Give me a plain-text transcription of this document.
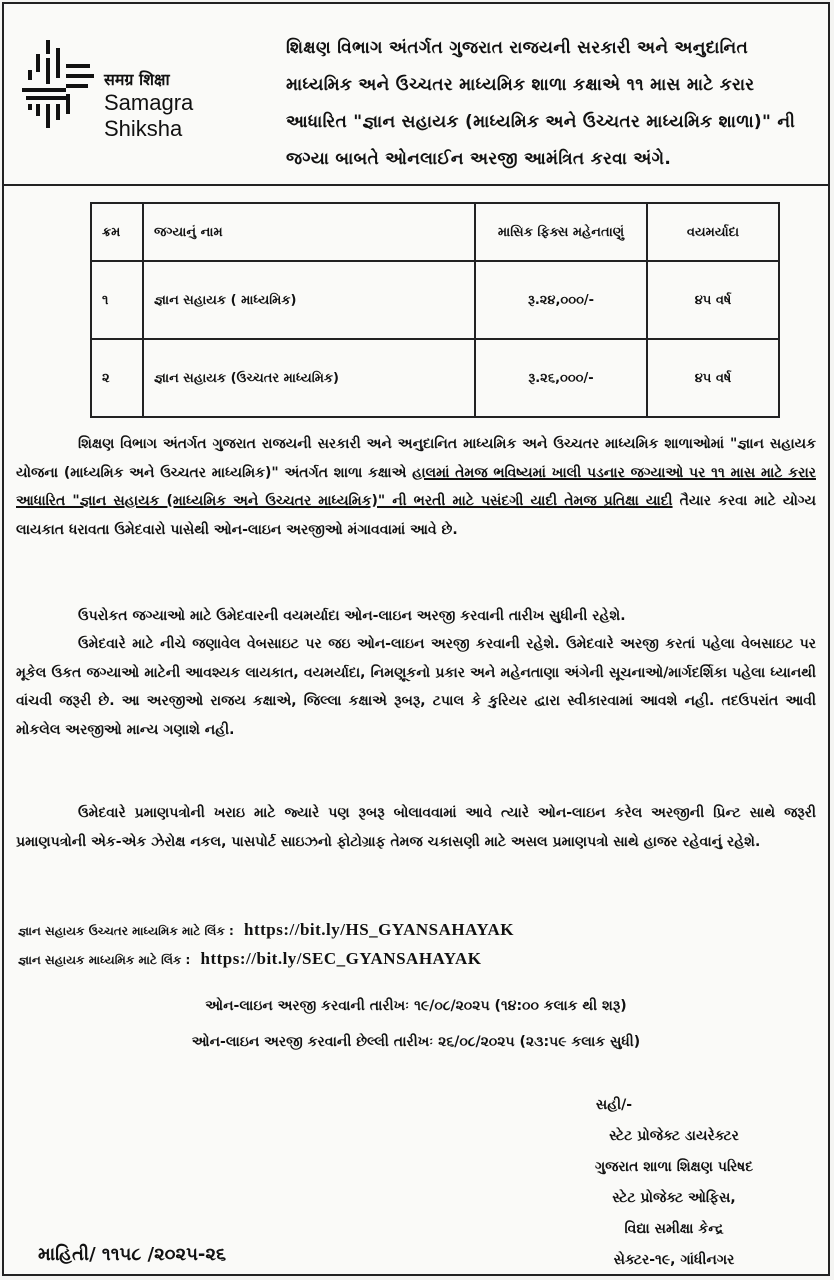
समग्र शिक्षा
Samagra Shiksha
શિક્ષણ વિભાગ અંતર્ગત ગુજરાત રાજયની સરકારી અને અનુદાનિત માધ્યમિક અને ઉચ્ચતર માધ્યમિક શાળા કક્ષાએ ૧૧ માસ માટે કરાર આધારિત "જ્ઞાન સહાયક (માધ્યમિક અને ઉચ્ચતર માધ્યમિક શાળા)" ની જગ્યા બાબતે ઓનલાઈન અરજી આમંત્રિત કરવા અંગે.
ક્રમ	જગ્યાનું નામ	માસિક ફિક્સ મહેનતાણું	વયમર્યાદા
૧	જ્ઞાન સહાયક ( માધ્યમિક)	રૂ.૨૪,૦૦૦/-	૪૫ વર્ષ
૨	જ્ઞાન સહાયક (ઉચ્ચતર માધ્યમિક)	રૂ.૨૬,૦૦૦/-	૪૫ વર્ષ
શિક્ષણ વિભાગ અંતર્ગત ગુજરાત રાજયની સરકારી અને અનુદાનિત માધ્યમિક અને ઉચ્ચતર માધ્યમિક શાળાઓમાં "જ્ઞાન સહાયક યોજના (માધ્યમિક અને ઉચ્ચતર માધ્યમિક)" અંતર્ગત શાળા કક્ષાએ હાલમાં તેમજ ભવિષ્યમાં ખાલી પડનાર જગ્યાઓ પર ૧૧ માસ માટે કરાર આધારિત "જ્ઞાન સહાયક (માધ્યમિક અને ઉચ્ચતર માધ્યમિક)" ની ભરતી માટે પસંદગી યાદી તેમજ પ્રતિક્ષા યાદી તૈયાર કરવા માટે યોગ્ય લાયકાત ધરાવતા ઉમેદવારો પાસેથી ઓન-લાઇન અરજીઓ મંગાવવામાં આવે છે.
ઉપરોકત જગ્યાઓ માટે ઉમેદવારની વયમર્યાદા ઓન-લાઇન અરજી કરવાની તારીખ સુધીની રહેશે.
ઉમેદવારે માટે નીચે જણાવેલ વેબસાઇટ પર જઇ ઓન-લાઇન અરજી કરવાની રહેશે. ઉમેદવારે અરજી કરતાં પહેલા વેબસાઇટ પર મૂકેલ ઉકત જગ્યાઓ માટેની આવશ્યક લાયકાત, વયમર્યાદા, નિમણૂકનો પ્રકાર અને મહેનતાણા અંગેની સૂચનાઓ/માર્ગદર્શિકા પહેલા ધ્યાનથી વાંચવી જરૂરી છે. આ અરજીઓ રાજય કક્ષાએ, જિલ્લા કક્ષાએ રૂબરૂ, ટપાલ કે કુરિયર દ્વારા સ્વીકારવામાં આવશે નહી. તદઉપરાંત આવી મોકલેલ અરજીઓ માન્ય ગણાશે નહી.
ઉમેદવારે પ્રમાણપત્રોની ખરાઇ માટે જ્યારે પણ રૂબરૂ બોલાવવામાં આવે ત્યારે ઓન-લાઇન કરેલ અરજીની પ્રિન્ટ સાથે જરૂરી પ્રમાણપત્રોની એક-એક ઝેરોક્ષ નકલ, પાસપોર્ટ સાઇઝનો ફોટોગ્રાફ તેમજ ચકાસણી માટે અસલ પ્રમાણપત્રો સાથે હાજર રહેવાનું રહેશે.
જ્ઞાન સહાયક ઉચ્ચતર માધ્યમિક માટે લિંક : https://bit.ly/HS_GYANSAHAYAK
જ્ઞાન સહાયક માધ્યમિક માટે લિંક : https://bit.ly/SEC_GYANSAHAYAK
ઓન-લાઇન અરજી કરવાની તારીખઃ ૧૯/૦૮/૨૦૨૫ (૧૪:૦૦ કલાક થી શરૂ)
ઓન-લાઇન અરજી કરવાની છેલ્લી તારીખઃ ૨૬/૦૮/૨૦૨૫ (૨૩:૫૯ કલાક સુધી)
સહી/-
સ્ટેટ પ્રોજેક્ટ ડાયરેક્ટર
ગુજરાત શાળા શિક્ષણ પરિષદ
સ્ટેટ પ્રોજેક્ટ ઓફિસ,
વિદ્યા સમીક્ષા કેન્દ્ર
સેક્ટર-૧૯, ગાંધીનગર
માહિતી/ ૧૧૫૮ /૨૦૨૫-૨૬
